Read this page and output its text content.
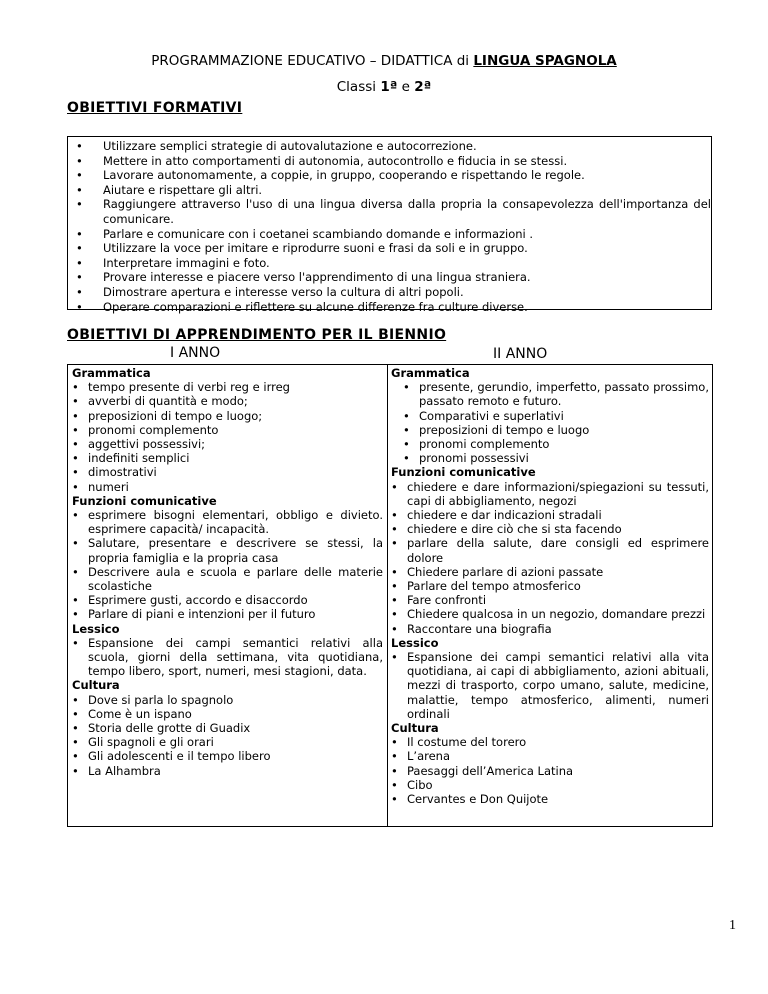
PROGRAMMAZIONE EDUCATIVO – DIDATTICA di LINGUA SPAGNOLA
Classi 1ª e 2ª
OBIETTIVI FORMATIVI
• Utilizzare semplici strategie di autovalutazione e autocorrezione.
• Mettere in atto comportamenti di autonomia, autocontrollo e fiducia in se stessi.
• Lavorare autonomamente, a coppie, in gruppo, cooperando e rispettando le regole.
• Aiutare e rispettare gli altri.
• Raggiungere attraverso l'uso di una lingua diversa dalla propria la consapevolezza dell'importanza del comunicare.
• Parlare e comunicare con i coetanei scambiando domande e informazioni .
• Utilizzare la voce per imitare e riprodurre suoni e frasi da soli e in gruppo.
• Interpretare immagini e foto.
• Provare interesse e piacere verso l'apprendimento di una lingua straniera.
• Dimostrare apertura e interesse verso la cultura di altri popoli.
• Operare comparazioni e riflettere su alcune differenze fra culture diverse.
OBIETTIVI DI APPRENDIMENTO PER IL BIENNIO
I ANNO	II ANNO
Grammatica
• tempo presente di verbi reg e irreg
• avverbi di quantità e modo;
• preposizioni di tempo e luogo;
• pronomi complemento
• aggettivi possessivi;
• indefiniti semplici
• dimostrativi
• numeri
Funzioni comunicative
• esprimere bisogni elementari, obbligo e divieto. esprimere capacità/ incapacità.
• Salutare, presentare e descrivere se stessi, la propria famiglia e la propria casa
• Descrivere aula e scuola e parlare delle materie scolastiche
• Esprimere gusti, accordo e disaccordo
• Parlare di piani e intenzioni per il futuro
Lessico
• Espansione dei campi semantici relativi alla scuola, giorni della settimana, vita quotidiana, tempo libero, sport, numeri, mesi stagioni, data.
Cultura
• Dove si parla lo spagnolo
• Come è un ispano
• Storia delle grotte di Guadix
• Gli spagnoli e gli orari
• Gli adolescenti e il tempo libero
• La Alhambra
Grammatica
• presente, gerundio, imperfetto, passato prossimo, passato remoto e futuro.
• Comparativi e superlativi
• preposizioni di tempo e luogo
• pronomi complemento
• pronomi possessivi
Funzioni comunicative
• chiedere e dare informazioni/spiegazioni su tessuti, capi di abbigliamento, negozi
• chiedere e dar indicazioni stradali
• chiedere e dire ciò che si sta facendo
• parlare della salute, dare consigli ed esprimere dolore
• Chiedere parlare di azioni passate
• Parlare del tempo atmosferico
• Fare confronti
• Chiedere qualcosa in un negozio, domandare prezzi
• Raccontare una biografia
Lessico
• Espansione dei campi semantici relativi alla vita quotidiana, ai capi di abbigliamento, azioni abituali, mezzi di trasporto, corpo umano, salute, medicine, malattie, tempo atmosferico, alimenti, numeri ordinali
Cultura
• Il costume del torero
• L’arena
• Paesaggi dell’America Latina
• Cibo
• Cervantes e Don Quijote
1
